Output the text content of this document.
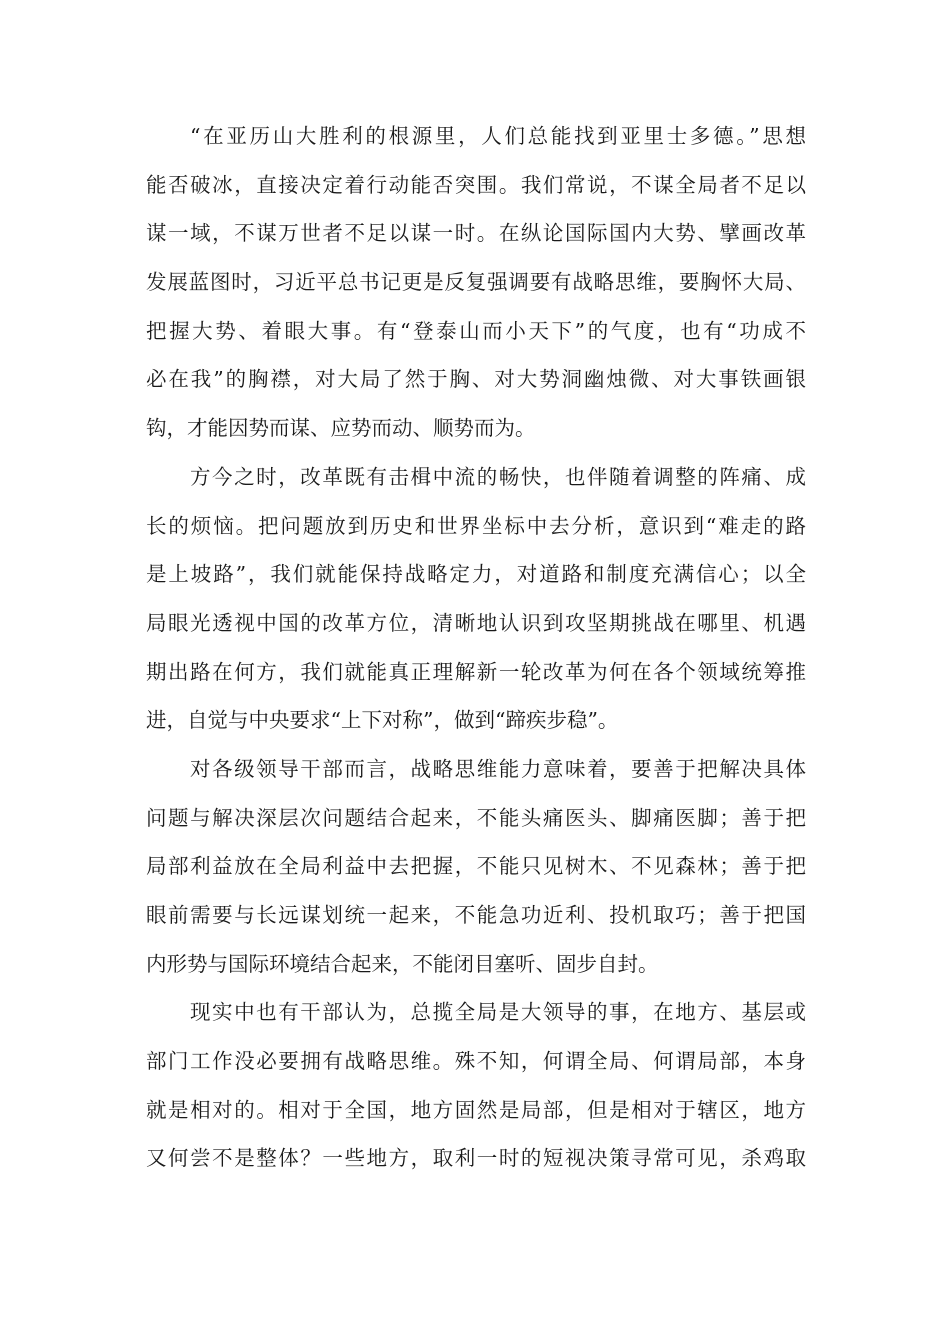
“在亚历山大胜利的根源里，人们总能找到亚里士多德。”思想
能否破冰，直接决定着行动能否突围。我们常说，不谋全局者不足以
谋一域，不谋万世者不足以谋一时。在纵论国际国内大势、擘画改革
发展蓝图时，习近平总书记更是反复强调要有战略思维，要胸怀大局、
把握大势、着眼大事。有“登泰山而小天下”的气度，也有“功成不
必在我”的胸襟，对大局了然于胸、对大势洞幽烛微、对大事铁画银
钩，才能因势而谋、应势而动、顺势而为。
方今之时，改革既有击楫中流的畅快，也伴随着调整的阵痛、成
长的烦恼。把问题放到历史和世界坐标中去分析，意识到“难走的路
是上坡路”，我们就能保持战略定力，对道路和制度充满信心；以全
局眼光透视中国的改革方位，清晰地认识到攻坚期挑战在哪里、机遇
期出路在何方，我们就能真正理解新一轮改革为何在各个领域统筹推
进，自觉与中央要求“上下对称”，做到“蹄疾步稳”。
对各级领导干部而言，战略思维能力意味着，要善于把解决具体
问题与解决深层次问题结合起来，不能头痛医头、脚痛医脚；善于把
局部利益放在全局利益中去把握，不能只见树木、不见森林；善于把
眼前需要与长远谋划统一起来，不能急功近利、投机取巧；善于把国
内形势与国际环境结合起来，不能闭目塞听、固步自封。
现实中也有干部认为，总揽全局是大领导的事，在地方、基层或
部门工作没必要拥有战略思维。殊不知，何谓全局、何谓局部，本身
就是相对的。相对于全国，地方固然是局部，但是相对于辖区，地方
又何尝不是整体？一些地方，取利一时的短视决策寻常可见，杀鸡取
